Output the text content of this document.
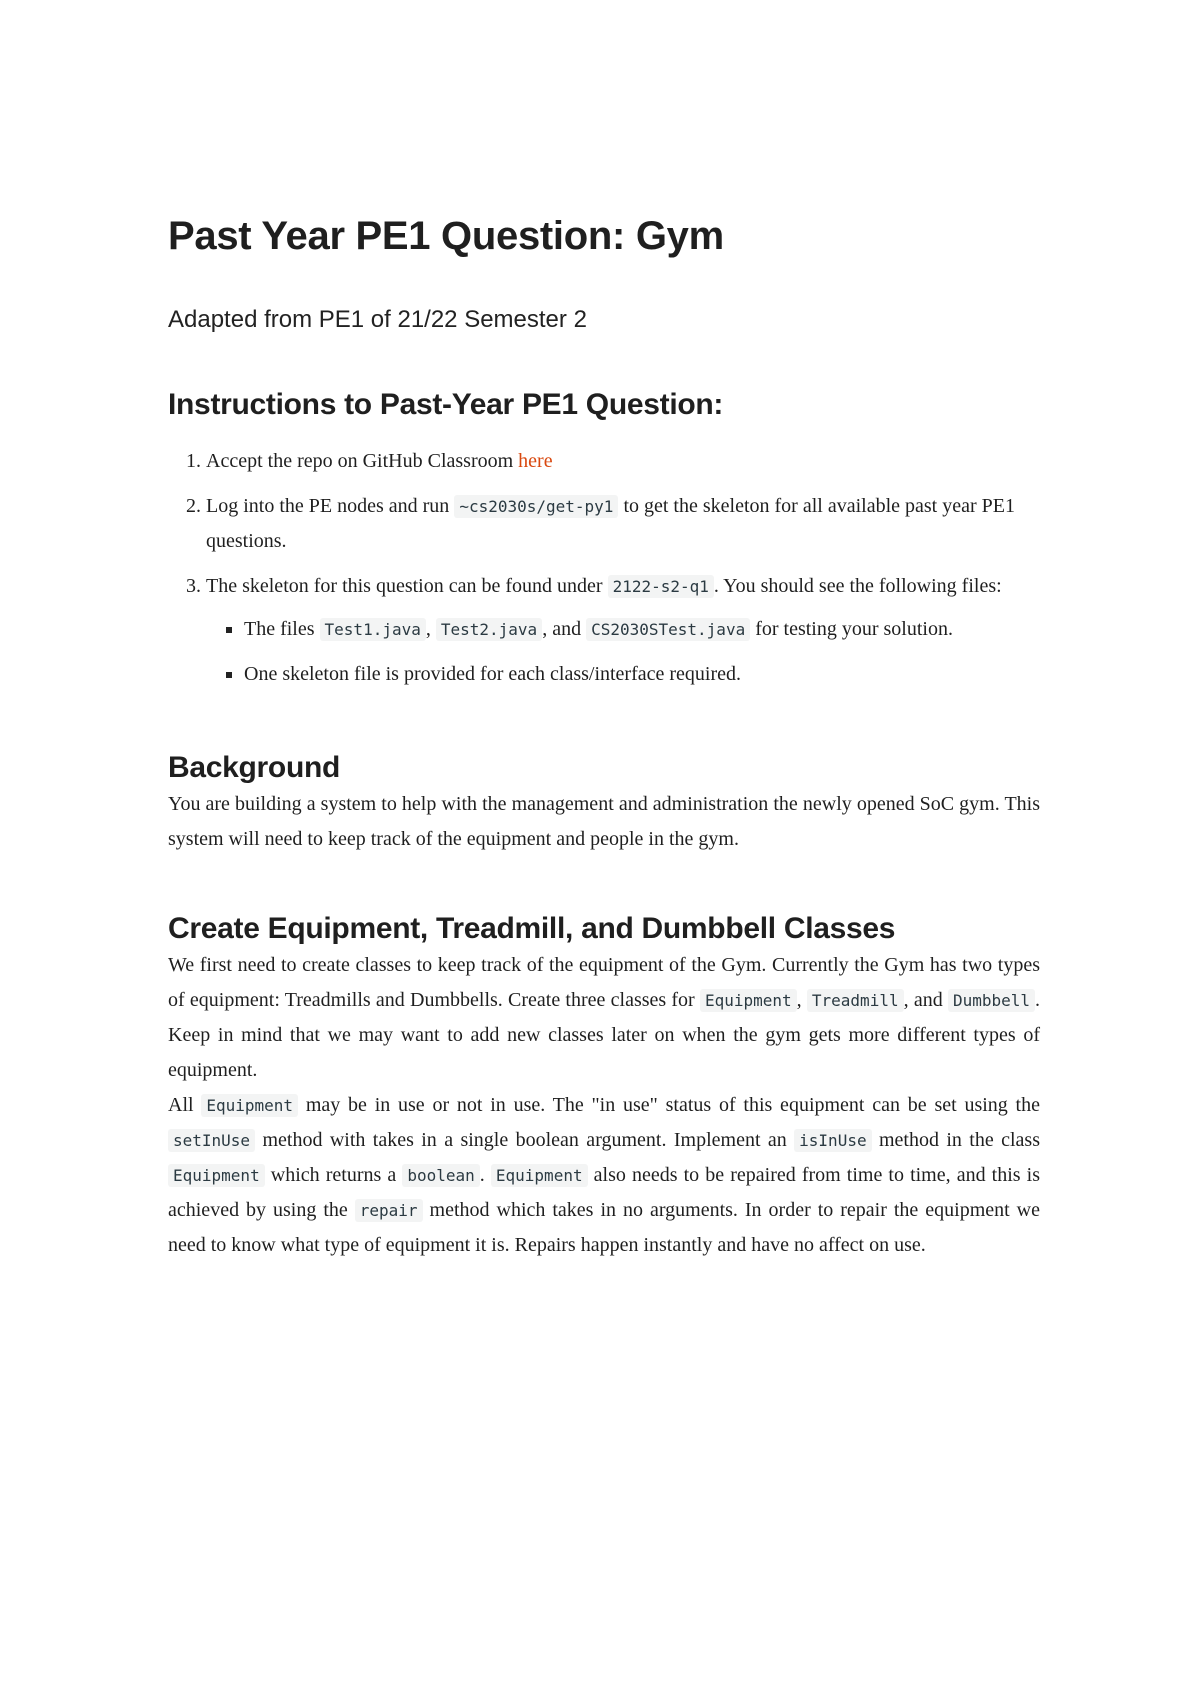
Past Year PE1 Question: Gym

Adapted from PE1 of 21/22 Semester 2

Instructions to Past-Year PE1 Question:
1. Accept the repo on GitHub Classroom here
2. Log into the PE nodes and run ~cs2030s/get-py1 to get the skeleton for all available past year PE1 questions.
3. The skeleton for this question can be found under 2122-s2-q1 . You should see the following files:
The files Test1.java , Test2.java , and CS2030STest.java for testing your solution.
One skeleton file is provided for each class/interface required.
Background

You are building a system to help with the management and administration the newly opened SoC gym. This system will need to keep track of the equipment and people in the gym.

Create Equipment, Treadmill, and Dumbbell Classes

We first need to create classes to keep track of the equipment of the Gym. Currently the Gym has two types of equipment: Treadmills and Dumbbells. Create three classes for Equipment , Treadmill , and Dumbbell . Keep in mind that we may want to add new classes later on when the gym gets more different types of equipment.

All Equipment may be in use or not in use. The "in use" status of this equipment can be set using the setInUse method with takes in a single boolean argument. Implement an isInUse method in the class Equipment which returns a boolean . Equipment also needs to be repaired from time to time, and this is achieved by using the repair method which takes in no arguments. In order to repair the equipment we need to know what type of equipment it is. Repairs happen instantly and have no affect on use.
